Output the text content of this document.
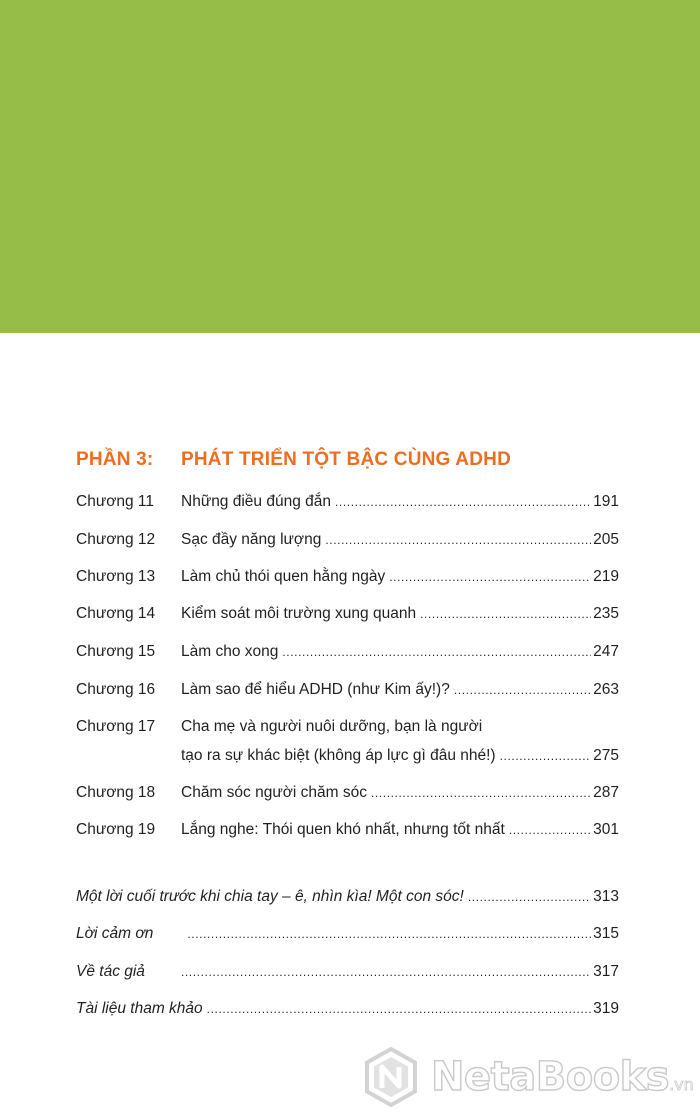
PHẦN 3: PHÁT TRIỂN TỘT BẬC CÙNG ADHD
Chương 11 Những điều đúng đắn .....	191
Chương 12 Sạc đầy năng lượng .....	205
Chương 13 Làm chủ thói quen hằng ngày .....	219
Chương 14 Kiểm soát môi trường xung quanh .....	235
Chương 15 Làm cho xong .....	247
Chương 16 Làm sao để hiểu ADHD (như Kim ấy!)? .....	263
Chương 17 Cha mẹ và người nuôi dưỡng, bạn là người
tạo ra sự khác biệt (không áp lực gì đâu nhé!) .....	275
Chương 18 Chăm sóc người chăm sóc .....	287
Chương 19 Lắng nghe: Thói quen khó nhất, nhưng tốt nhất .....	301
Một lời cuối trước khi chia tay – ê, nhìn kìa! Một con sóc! .....	313
Lời cảm ơn .....	315
Về tác giả .....	317
Tài liệu tham khảo .....	319
NetaBooks.vn
